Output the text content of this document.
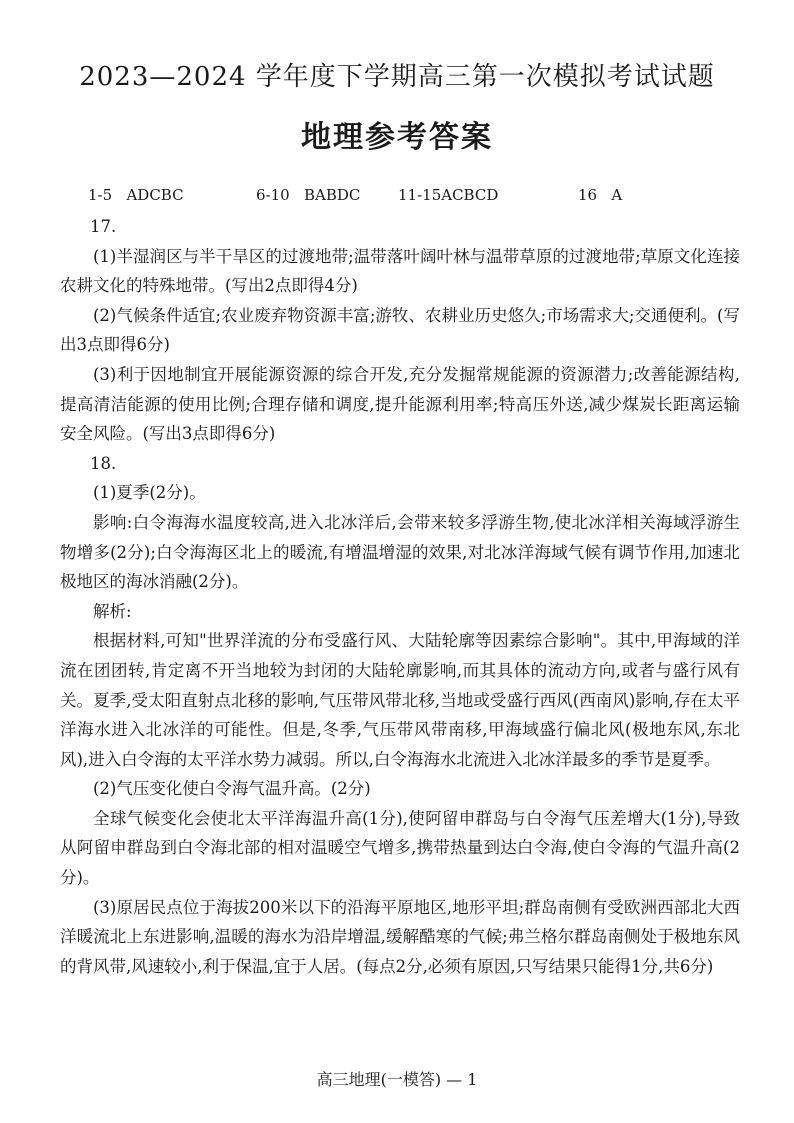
2023—2024 学年度下学期高三第一次模拟考试试题
地理参考答案
1-5 ADCBC	6-10 BABDC	11-15ACBCD	16 A

17.

(1)半湿润区与半干旱区的过渡地带;温带落叶阔叶林与温带草原的过渡地带;草原文化连接农耕文化的特殊地带。(写出2点即得4分)

(2)气候条件适宜;农业废弃物资源丰富;游牧、农耕业历史悠久;市场需求大;交通便利。(写出3点即得6分)

(3)利于因地制宜开展能源资源的综合开发,充分发掘常规能源的资源潜力;改善能源结构,提高清洁能源的使用比例;合理存储和调度,提升能源利用率;特高压外送,减少煤炭长距离运输安全风险。(写出3点即得6分)

18.

(1)夏季(2分)。

影响:白令海海水温度较高,进入北冰洋后,会带来较多浮游生物,使北冰洋相关海域浮游生物增多(2分);白令海海区北上的暖流,有增温增湿的效果,对北冰洋海域气候有调节作用,加速北极地区的海冰消融(2分)。

解析:

根据材料,可知"世界洋流的分布受盛行风、大陆轮廓等因素综合影响"。其中,甲海域的洋流在团团转,肯定离不开当地较为封闭的大陆轮廓影响,而其具体的流动方向,或者与盛行风有关。夏季,受太阳直射点北移的影响,气压带风带北移,当地或受盛行西风(西南风)影响,存在太平洋海水进入北冰洋的可能性。但是,冬季,气压带风带南移,甲海域盛行偏北风(极地东风,东北风),进入白令海的太平洋水势力减弱。所以,白令海海水北流进入北冰洋最多的季节是夏季。

(2)气压变化使白令海气温升高。(2分)

全球气候变化会使北太平洋海温升高(1分),使阿留申群岛与白令海气压差增大(1分),导致从阿留申群岛到白令海北部的相对温暖空气增多,携带热量到达白令海,使白令海的气温升高(2分)。

(3)原居民点位于海拔200米以下的沿海平原地区,地形平坦;群岛南侧有受欧洲西部北大西洋暖流北上东进影响,温暖的海水为沿岸增温,缓解酷寒的气候;弗兰格尔群岛南侧处于极地东风的背风带,风速较小,利于保温,宜于人居。(每点2分,必须有原因,只写结果只能得1分,共6分)

高三地理(一模答) — 1
